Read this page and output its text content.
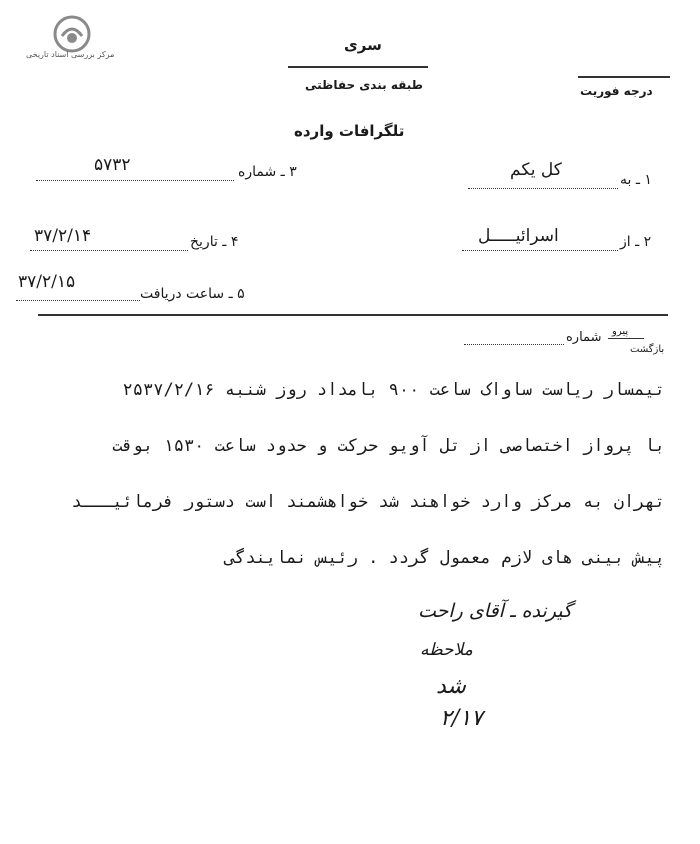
مرکز بررسی اسناد تاریخی
سری
طبقه بندی حفاظتی	درجه فوریت
تلگرافات وارده
۱ ـ به
کل یکم
۳ ـ شماره
۵۷۳۲
۲ ـ از
اسرائیـــــل
۴ ـ تاریخ
۳۷/۲/۱۴
۵ ـ ساعت دریافت
۳۷/۲/۱۵
پیرو
بازگشت
شماره
تیمسار ریاست ساواک ساعت ۹۰۰ بامداد روز شنبه ۲۵۳۷/۲/۱۶
با پرواز اختصاصی از تل آویو حرکت و حدود ساعت ۱۵۳۰ بوقت
تهران به مرکز وارد خواهند شد خواهشمند است دستور فرمائیـــد
پیش بینی های لازم معمول گردد . رئیس نمایندگی
گیرنده ـ آقای راحت
ملاحظه
شد
۲/۱۷
